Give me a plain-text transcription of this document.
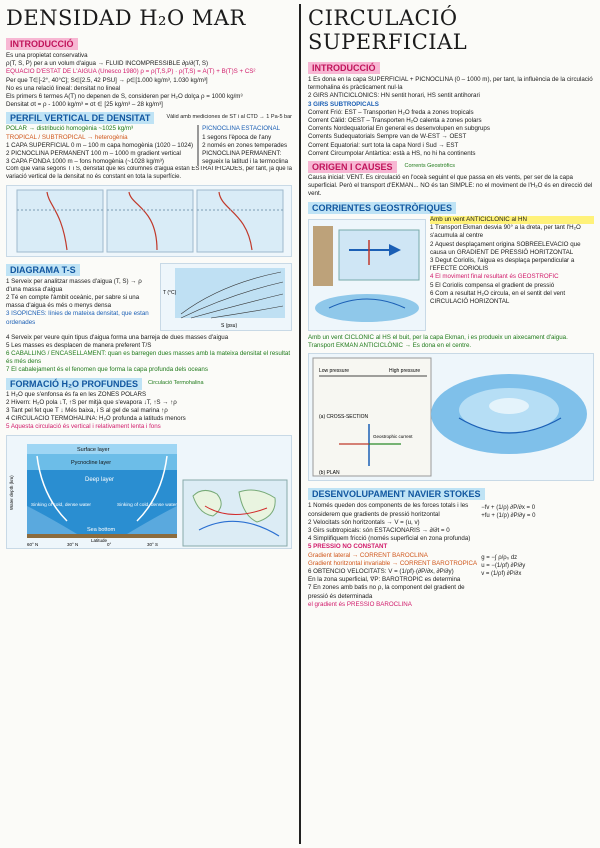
DENSIDAD H₂O MAR
INTRODUCCIÓ

Es una propietat conservativa

ρ(T, S, P) per a un volum d'aigua → FLUID INCOMPRESSIBLE ∂ρ/∂(T, S)

EQUACIÓ D'ESTAT DE L'AIGUA (Unesco 1980) ρ = ρ(T,S,P) · ρ(T,S) = A(T) + B(T)S + CS²

Per que T∈[-2°, 40°C]; S∈[2.5, 42 PSU] → ρ∈[1.000 kg/m³, 1.030 kg/m³]

No es una relació lineal: densitat no lineal

Els primers 6 termes A(T) no depenen de S, consideren per H₂O dolça ρ = 1000 kg/m³

Densitat σt = ρ - 1000 kg/m³ = σt ∈ [25 kg/m³ – 28 kg/m³]

PERFIL VERTICAL DE DENSITAT	Vàlid amb mediciones de ST i al CTD → 1 Pa-5 bar

POLAR → distribució homogènia ~1025 kg/m³

TROPICAL / SUBTROPICAL → heterogènia

1 CAPA SUPERFICIAL 0 m – 100 m capa homogènia (1020 – 1024)

2 PICNOCLINA PERMANENT 100 m – 1000 m gradient vertical

3 CAPA FONDA 1000 m – fons homogènia (~1028 kg/m³)

PICNOCLINA ESTACIONAL

1 segons l'època de l'any

2 només en zones temperades

PICNOCLINA PERMANENT: segueix la latitud i la termoclina

Com que varia segons T i S, densitat que les columnes d'aigua estan ESTRATIFICADES, per tant, ja que la variació vertical de la densitat no és constant en tota la superfície.

DIAGRAMA T-S

1 Serveix per analitzar masses d'aigua (T, S) → ρ d'una massa d'aigua

2 Té en compte l'àmbit oceànic, per sabre si una massa d'aigua és més o menys densa

3 ISOPICNES: línies de mateixa densitat, que estan ordenades	S (psu)
T (°C)

4 Serveix per veure quin tipus d'aigua forma una barreja de dues masses d'aigua

5 Les masses es desplacen de manera preferent T/S

6 CABALLING / ENCASELLAMENT: quan es barregen dues masses amb la mateixa densitat el resultat és més dens

7 El cabalejament és el fenomen que forma la capa profunda dels oceans

FORMACIÓ H₂O PROFUNDES	Circulació Termohalina

1 H₂O que s'enfonsa és fa en les ZONES POLARS

2 Hivern: H₂O pola ↓T, ↑S per mitjà que s'evapora ↓T, ↑S → ↑ρ

3 Tant pel fet que T ↓ Més baixa, i S al gel de sal marina ↑ρ

4 CIRCULACIÓ TERMOHALINA: H₂O profunda a latituds menors

5 Aquesta circulació és vertical i relativament lenta i fons

Surface layer
Pycnocline layer
Deep layer
Sinking of cold, dense water	Sinking of cold, dense water
Sea bottom
Water depth (km)
60° N	30° N	0°	30° S
Latitude
CIRCULACIÓ SUPERFICIAL
INTRODUCCIÓ

1 Es dona en la capa SUPERFICIAL + PICNOCLINA (0 – 1000 m), per tant, la influència de la circulació termohalina és pràcticament nul·la

2 GIRS ANTICICLÒNICS: HN sentit horari, HS sentit antihorari

3 GIRS SUBTROPICALS

Corrent Frió: EST – Transporten H₂O freda a zones tropicals

Corrent Càlid: OEST – Transporten H₂O calenta a zones polars

Corrents Nordequatorial En general es desenvolupen en subgrups

Corrents Sudequatorials Sempre van de W-EST → OEST

Corrent Equatorial: surt tota la capa Nord i Sud → EST

Corrent Circumpolar Antàrtica: està a HS, no hi ha continents

ORIGEN I CAUSES	Corrents Geostròfics

Causa inicial: VENT. Es circulació en l'oceà seguint el que passa en els vents, per ser de la capa superficial. Però el transport d'EKMAN... NO és tan SIMPLE: no el moviment de l'H₂O és en direcció del vent.

CORRIENTES GEOSTRÒFIQUES

Amb un vent ANTICICLÒNIC al HN

1 Transport Ekman desvia 90° a la dreta, per tant l'H₂O s'acumula al centre

2 Aquest desplaçament origina SOBREELEVACIÓ que causa un GRADIENT DE PRESSIÓ HORITZONTAL

3 Degut Coriolis, l'aigua es desplaça perpendicular a l'EFECTE CORIOLIS

4 El moviment final resultant és GEOSTRÒFIC

5 El Coriolis compensa el gradient de pressió

6 Com a resultat H₂O circula, en el sentit del vent CIRCULACIÓ HORIZONTAL

Amb un vent CICLÒNIC al HS el buit, per la capa Ekman, i es produeix un aixecament d'aigua. Transport EKMAN ANTICICLÒNIC → Es dona en el centre.

Low pressure	High pressure
(a) CROSS-SECTION
Geostrophic current
(b) PLAN
DESENVOLUPAMENT NAVIER STOKES

1 Només queden dos components de les forces totals i les considerem que gradients de pressió horitzontal

2 Velocitats són horitzontals → V = (u, v)

3 Girs subtropicals: són ESTACIONARIS → ∂/∂t = 0

4 Simplifiquem fricció (només superficial en zona profunda)

−fv + (1/ρ) ∂P/∂x = 0
+fu + (1/ρ) ∂P/∂y = 0

5 PRESSIÓ NO CONSTANT

Gradient lateral → CORRENT BAROCLINA

Gradient horitzontal invariable → CORRENT BAROTRÒPICA

6 OBTENCIÓ VELOCITATS: V = (1/ρf)·(∂P/∂x, ∂P/∂y)

En la zona superficial, ∇P: BAROTRÒPIC es determina

7 En zones amb batis no ρ, la component del gradient de pressió és determinada

el gradient és PRESSIÓ BAROCLINA

g = −∫ ρ/ρ₀ dz
u = −(1/ρf) ∂P/∂y
v = (1/ρf) ∂P/∂x
